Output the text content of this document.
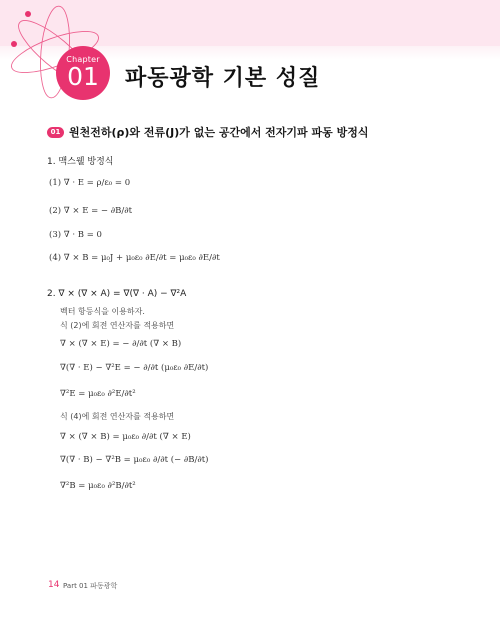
Chapter
01	파동광학 기본 성질
01 원천전하(ρ)와 전류(J)가 없는 공간에서 전자기파 파동 방정식
1. 맥스웰 방정식
(1) ∇ · E = ρ/ε₀ = 0
(2) ∇ × E = − ∂B/∂t
(3) ∇ · B = 0
(4) ∇ × B = μ₀J + μ₀ε₀ ∂E/∂t = μ₀ε₀ ∂E/∂t
2. ∇ × (∇ × A) = ∇(∇ · A) − ∇²A
벡터 항등식을 이용하자.
식 (2)에 회전 연산자를 적용하면
∇ × (∇ × E) = − ∂/∂t (∇ × B)
∇(∇ · E) − ∇²E = − ∂/∂t (μ₀ε₀ ∂E/∂t)
∇²E = μ₀ε₀ ∂²E/∂t²
식 (4)에 회전 연산자를 적용하면
∇ × (∇ × B) = μ₀ε₀ ∂/∂t (∇ × E)
∇(∇ · B) − ∇²B = μ₀ε₀ ∂/∂t (− ∂B/∂t)
∇²B = μ₀ε₀ ∂²B/∂t²
14 Part 01 파동광학
